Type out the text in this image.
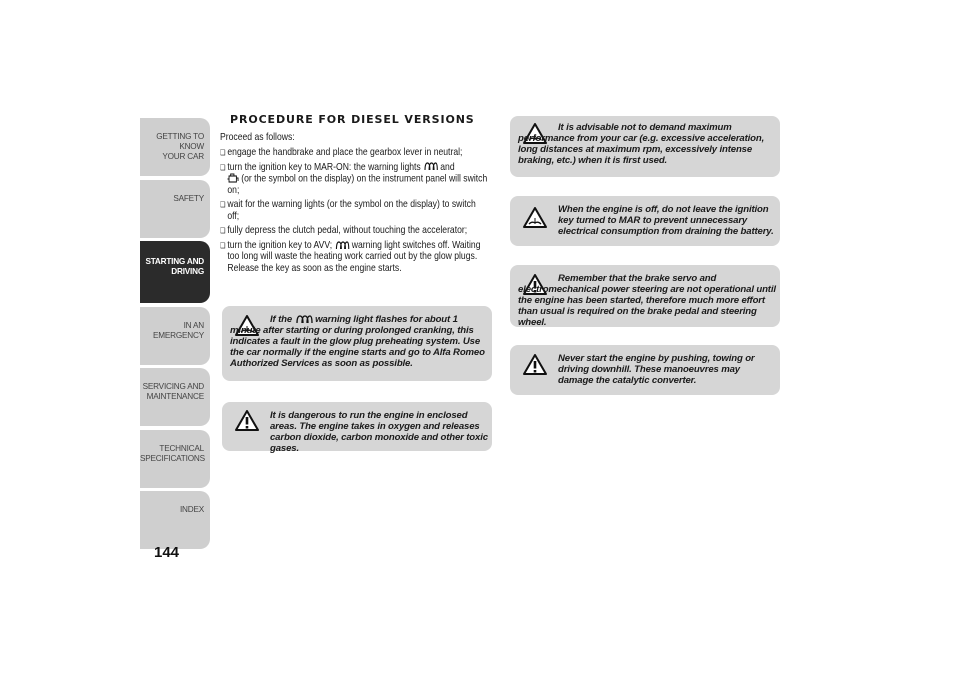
GETTING TO KNOW
YOUR CAR
SAFETY
STARTING AND
DRIVING
IN AN EMERGENCY
SERVICING AND
MAINTENANCE
TECHNICAL
SPECIFICATIONS
INDEX
144
PROCEDURE FOR DIESEL VERSIONS
Proceed as follows:
❏ engage the handbrake and place the gearbox lever in neutral;
❏ turn the ignition key to MAR-ON: the warning lights and
(or the symbol on the display) on the instrument panel will switch on;
❏ wait for the warning lights (or the symbol on the display) to switch off;
❏ fully depress the clutch pedal, without touching the accelerator;
❏ turn the ignition key to AVV; warning light switches off. Waiting too long will waste the heating work carried out by the glow plugs. Release the key as soon as the engine starts.
If the warning light flashes for about 1 minute after starting or during prolonged cranking, this indicates a fault in the glow plug preheating system. Use the car normally if the engine starts and go to Alfa Romeo Authorized Services as soon as possible.
It is dangerous to run the engine in enclosed areas. The engine takes in oxygen and releases carbon dioxide, carbon monoxide and other toxic gases.
It is advisable not to demand maximum performance from your car (e.g. excessive acceleration, long distances at maximum rpm, excessively intense braking, etc.) when it is first used.
When the engine is off, do not leave the ignition key turned to MAR to prevent unnecessary electrical consumption from draining the battery.
Remember that the brake servo and electromechanical power steering are not operational until the engine has been started, therefore much more effort than usual is required on the brake pedal and steering wheel.
Never start the engine by pushing, towing or driving downhill. These manoeuvres may damage the catalytic converter.
